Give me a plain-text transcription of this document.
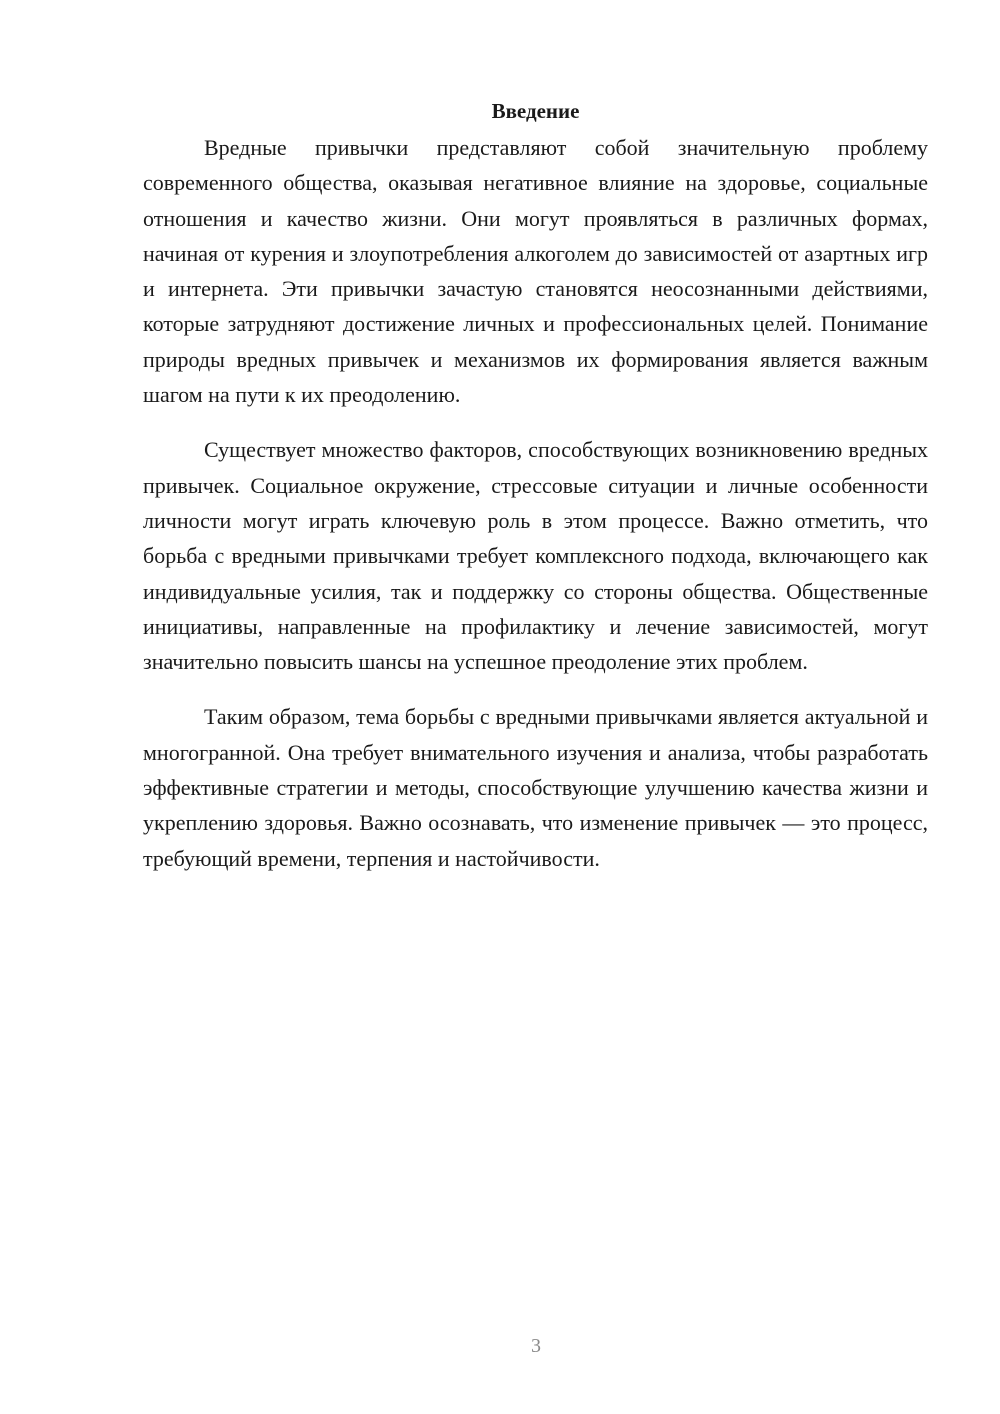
Введение

Вредные привычки представляют собой значительную проблему современного общества, оказывая негативное влияние на здоровье, социальные отношения и качество жизни. Они могут проявляться в различных формах, начиная от курения и злоупотребления алкоголем до зависимостей от азартных игр и интернета. Эти привычки зачастую становятся неосознанными действиями, которые затрудняют достижение личных и профессиональных целей. Понимание природы вредных привычек и механизмов их формирования является важным шагом на пути к их преодолению.

Существует множество факторов, способствующих возникновению вредных привычек. Социальное окружение, стрессовые ситуации и личные особенности личности могут играть ключевую роль в этом процессе. Важно отметить, что борьба с вредными привычками требует комплексного подхода, включающего как индивидуальные усилия, так и поддержку со стороны общества. Общественные инициативы, направленные на профилактику и лечение зависимостей, могут значительно повысить шансы на успешное преодоление этих проблем.

Таким образом, тема борьбы с вредными привычками является актуальной и многогранной. Она требует внимательного изучения и анализа, чтобы разработать эффективные стратегии и методы, способствующие улучшению качества жизни и укреплению здоровья. Важно осознавать, что изменение привычек — это процесс, требующий времени, терпения и настойчивости.

3
